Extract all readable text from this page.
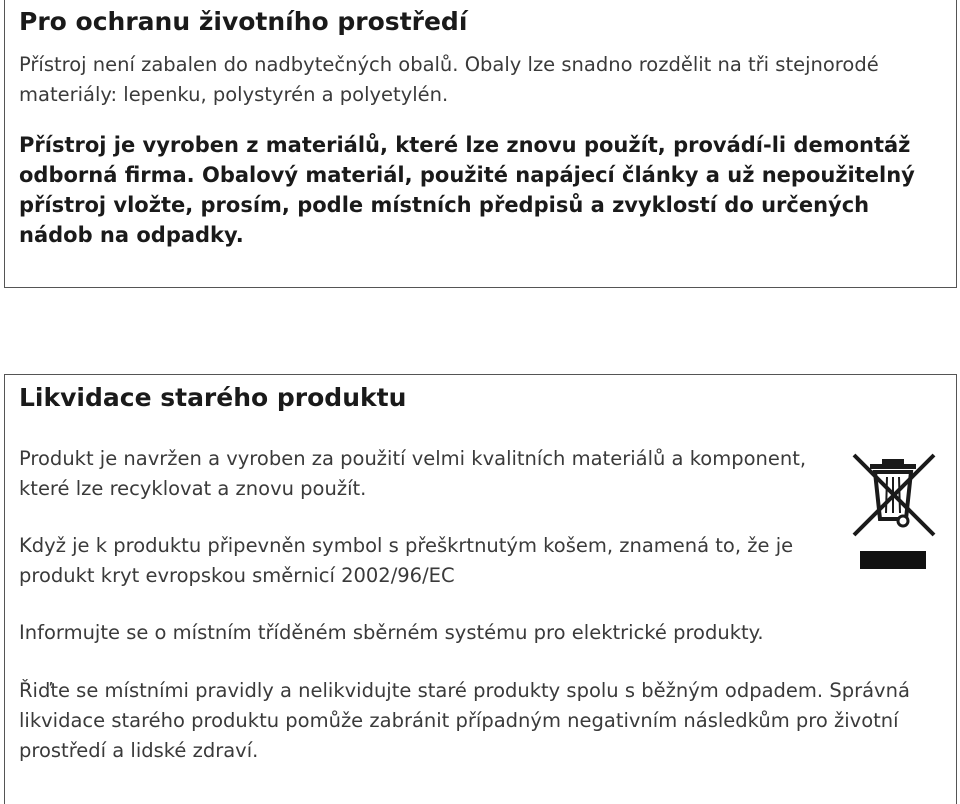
Pro ochranu životního prostředí

Přístroj není zabalen do nadbytečných obalů. Obaly lze snadno rozdělit na tři stejnorodé materiály: lepenku, polystyrén a polyetylén.

Přístroj je vyroben z materiálů, které lze znovu použít, provádí-li demontáž odborná firma. Obalový materiál, použité napájecí články a už nepoužitelný přístroj vložte, prosím, podle místních předpisů a zvyklostí do určených nádob na odpadky.

Likvidace starého produktu

Produkt je navržen a vyroben za použití velmi kvalitních materiálů a komponent, které lze recyklovat a znovu použít.

Když je k produktu připevněn symbol s přeškrtnutým košem, znamená to, že je produkt kryt evropskou směrnicí 2002/96/EC

Informujte se o místním tříděném sběrném systému pro elektrické produkty.

Řiďte se místními pravidly a nelikvidujte staré produkty spolu s běžným odpadem. Správná likvidace starého produktu pomůže zabránit případným negativním následkům pro životní prostředí a lidské zdraví.
